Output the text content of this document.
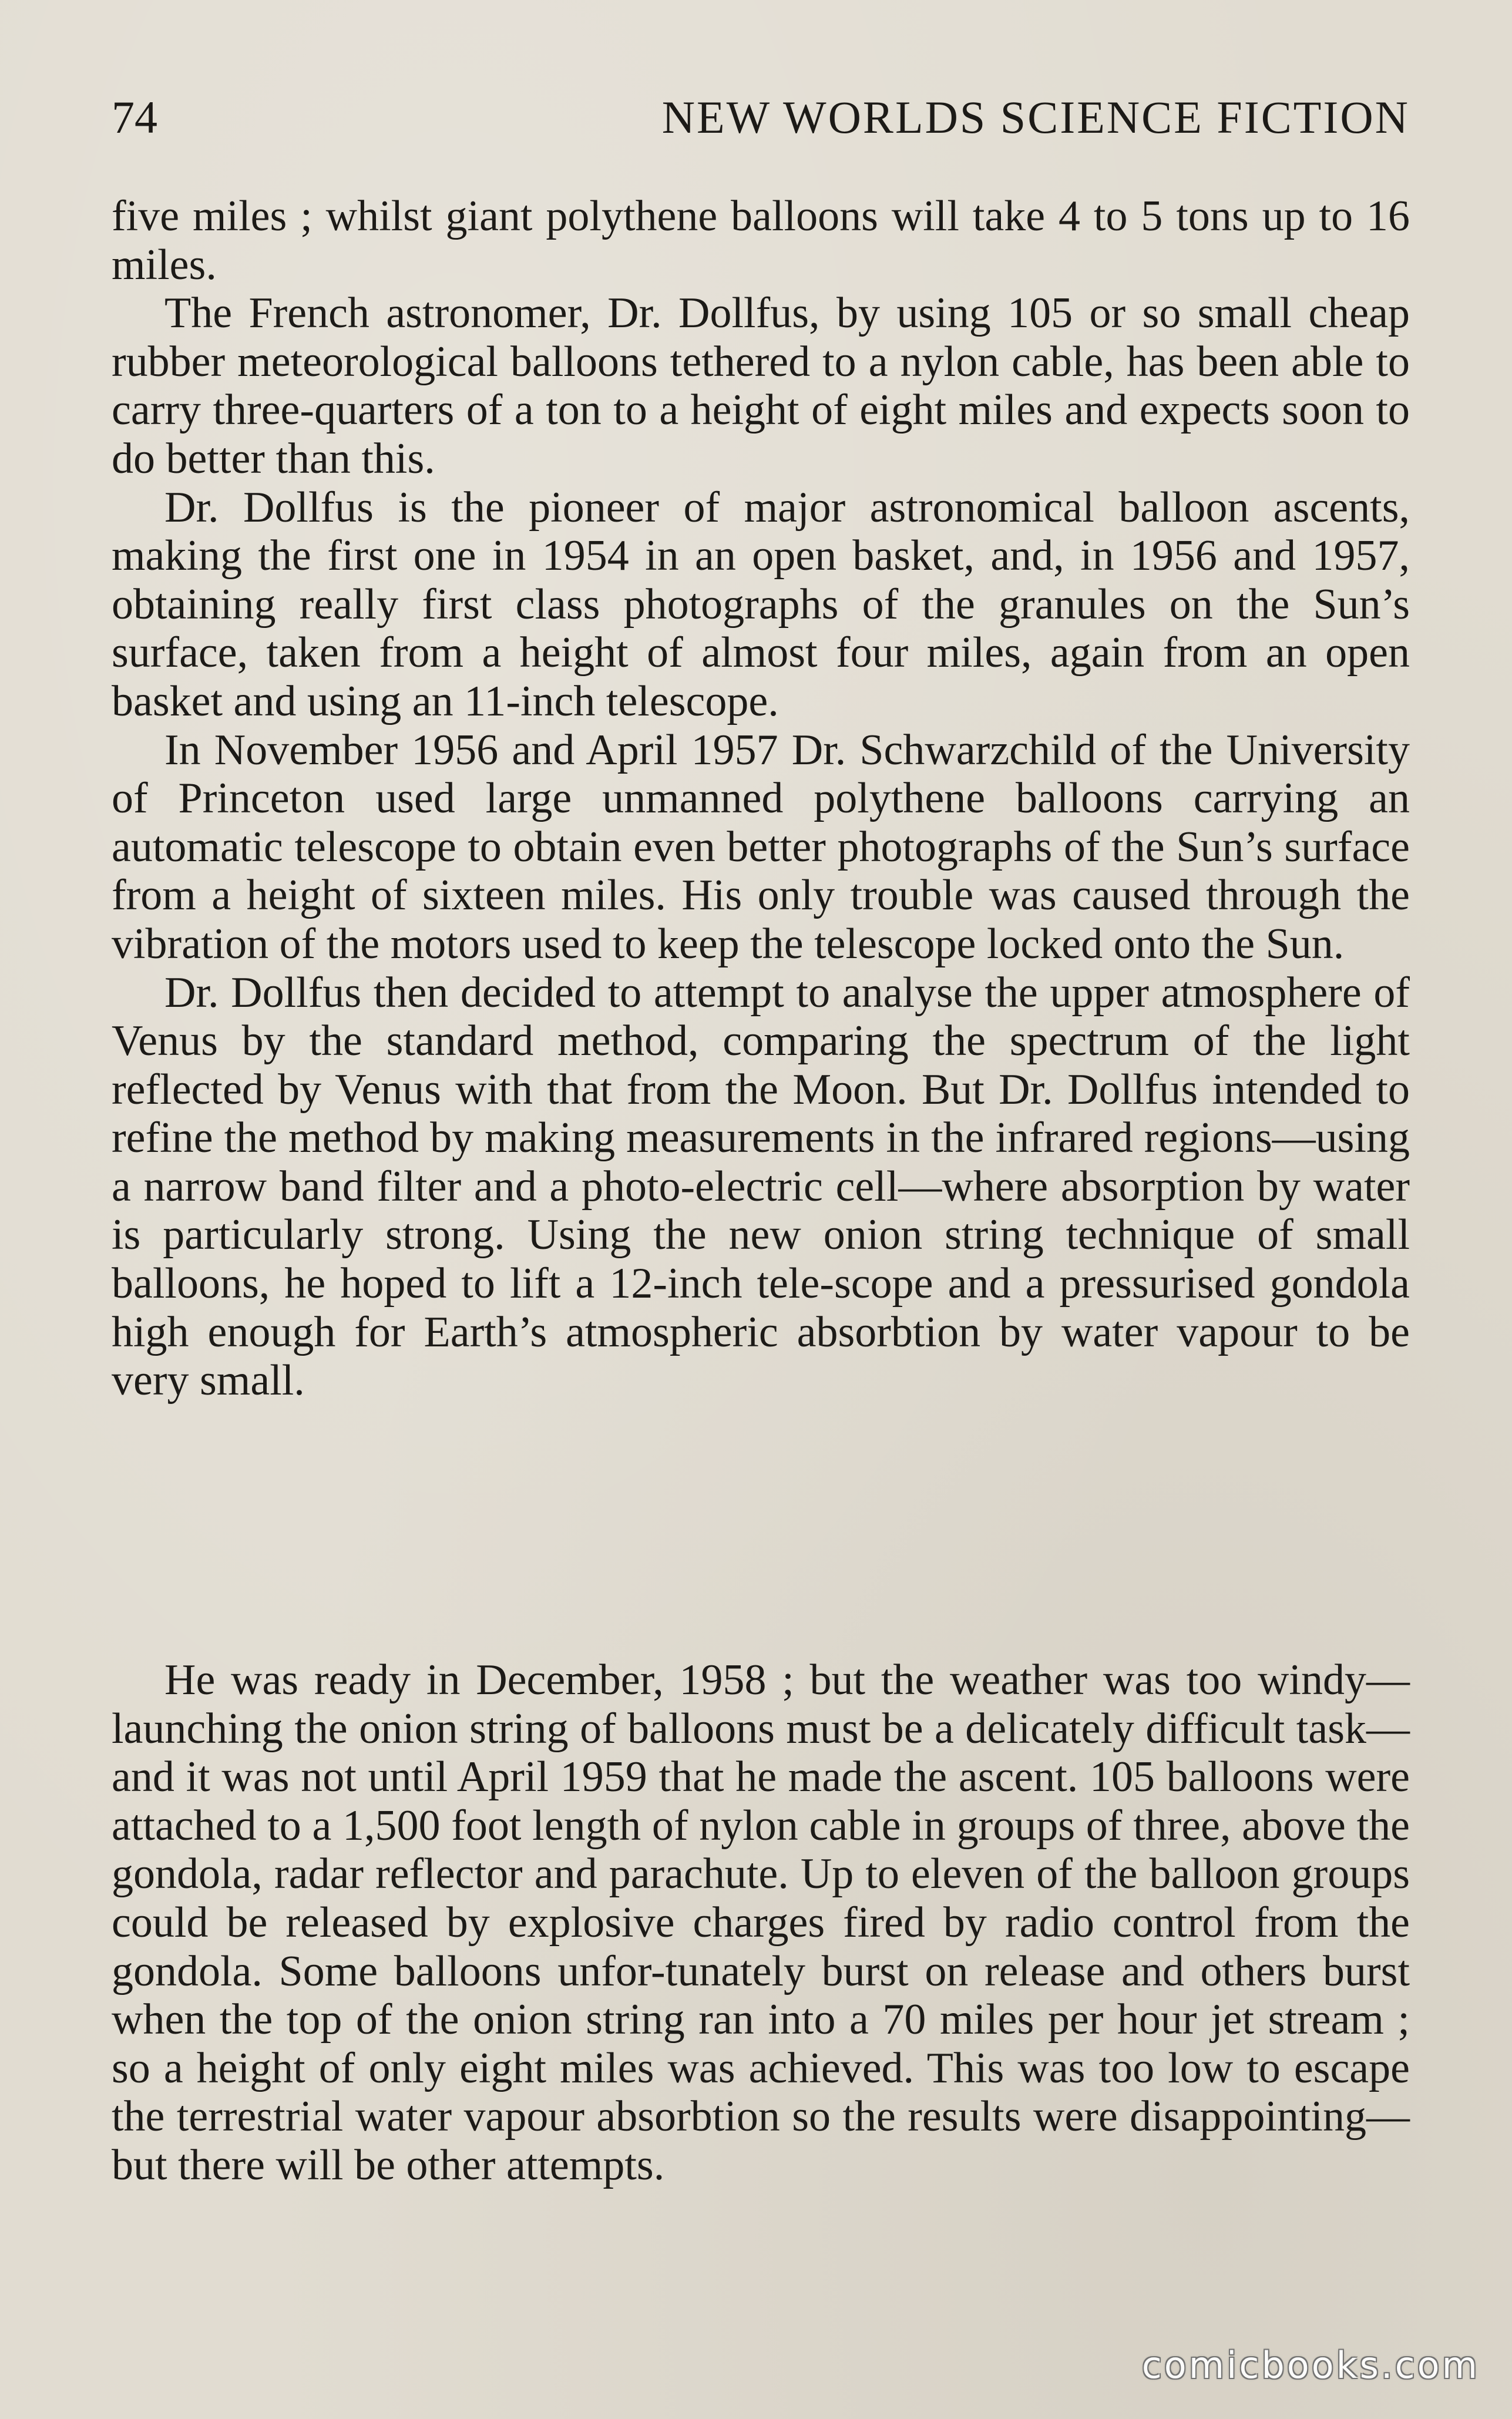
74	NEW WORLDS SCIENCE FICTION

five miles ; whilst giant polythene balloons will take 4 to 5 tons up to 16 miles.

The French astronomer, Dr. Dollfus, by using 105 or so small cheap rubber meteorological balloons tethered to a nylon cable, has been able to carry three-quarters of a ton to a height of eight miles and expects soon to do better than this.

Dr. Dollfus is the pioneer of major astronomical balloon ascents, making the first one in 1954 in an open basket, and, in 1956 and 1957, obtaining really first class photographs of the granules on the Sun’s surface, taken from a height of almost four miles, again from an open basket and using an 11-inch telescope.

In November 1956 and April 1957 Dr. Schwarzchild of the University of Princeton used large unmanned polythene balloons carrying an automatic telescope to obtain even better photographs of the Sun’s surface from a height of sixteen miles. His only trouble was caused through the vibration of the motors used to keep the telescope locked onto the Sun.

Dr. Dollfus then decided to attempt to analyse the upper atmosphere of Venus by the standard method, comparing the spectrum of the light reflected by Venus with that from the Moon. But Dr. Dollfus intended to refine the method by making measurements in the infrared regions—using a narrow band filter and a photo-electric cell—where absorption by water is particularly strong. Using the new onion string technique of small balloons, he hoped to lift a 12-inch tele-scope and a pressurised gondola high enough for Earth’s atmospheric absorbtion by water vapour to be very small.

He was ready in December, 1958 ; but the weather was too windy—launching the onion string of balloons must be a delicately difficult task—and it was not until April 1959 that he made the ascent. 105 balloons were attached to a 1,500 foot length of nylon cable in groups of three, above the gondola, radar reflector and parachute. Up to eleven of the balloon groups could be released by explosive charges fired by radio control from the gondola. Some balloons unfor-tunately burst on release and others burst when the top of the onion string ran into a 70 miles per hour jet stream ; so a height of only eight miles was achieved. This was too low to escape the terrestrial water vapour absorbtion so the results were disappointing—but there will be other attempts.

comicbooks.com
